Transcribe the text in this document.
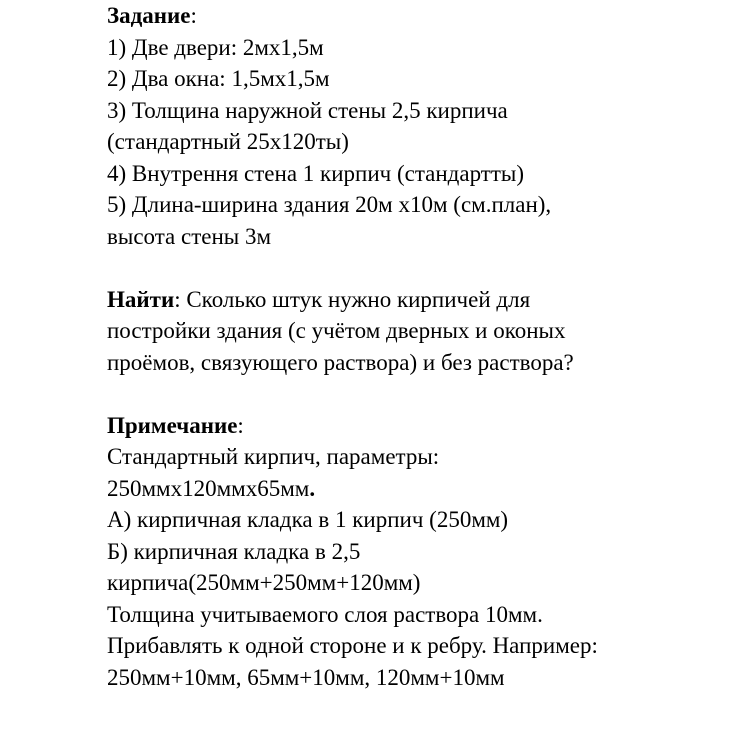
Задание:
1) Две двери: 2мх1,5м
2) Два окна: 1,5мх1,5м
3) Толщина наружной стены 2,5 кирпича
(стандартный 25х120ты)
4) Внутрення стена 1 кирпич (стандартты)
5) Длина-ширина здания 20м х10м (см.план),
высота стены 3м
Найти: Сколько штук нужно кирпичей для
постройки здания (с учётом дверных и оконых
проёмов, связующего раствора) и без раствора?
Примечание:
Стандартный кирпич, параметры:
250ммх120ммх65мм.
А) кирпичная кладка в 1 кирпич (250мм)
Б) кирпичная кладка в 2,5
кирпича(250мм+250мм+120мм)
Толщина учитываемого слоя раствора 10мм.
Прибавлять к одной стороне и к ребру. Например:
250мм+10мм, 65мм+10мм, 120мм+10мм
